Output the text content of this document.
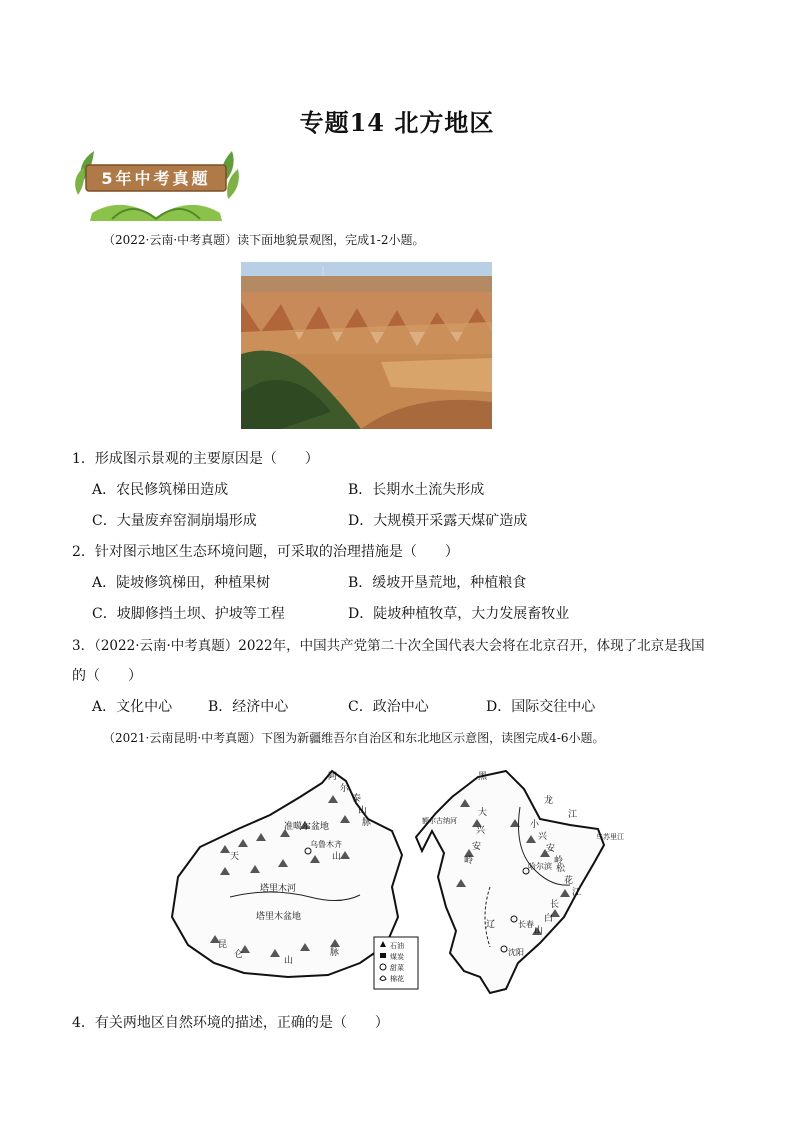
专题14 北方地区
5年中考真题
（2022·云南·中考真题）读下面地貌景观图，完成1-2小题。
1．形成图示景观的主要原因是（　　）
A．农民修筑梯田造成	B．长期水土流失形成
C．大量废弃窑洞崩塌形成	D．大规模开采露天煤矿造成
2．针对图示地区生态环境问题，可采取的治理措施是（　　）
A．陡坡修筑梯田，种植果树	B．缓坡开垦荒地，种植粮食
C．坡脚修挡土坝、护坡等工程	D．陡坡种植牧草，大力发展畜牧业
3．（2022·云南·中考真题）2022年，中国共产党第二十次全国代表大会将在北京召开，体现了北京是我国
的（　　）
A．文化中心	B．经济中心	C．政治中心	D．国际交往中心
（2021·云南昆明·中考真题）下图为新疆维吾尔自治区和东北地区示意图，读图完成4-6小题。
阿
尔
泰
山
脉
准噶尔盆地
乌鲁木齐
天	山
塔里木河
塔里木盆地
昆
仑
山
脉
黑
龙
江
大
兴
安
岭
小
兴
安
岭
哈尔滨
长春
沈阳
辽
松
花
江
长
白
山
乌苏里江
额尔古纳河
石油
煤炭
甜菜
棉花
4．有关两地区自然环境的描述，正确的是（　　）
